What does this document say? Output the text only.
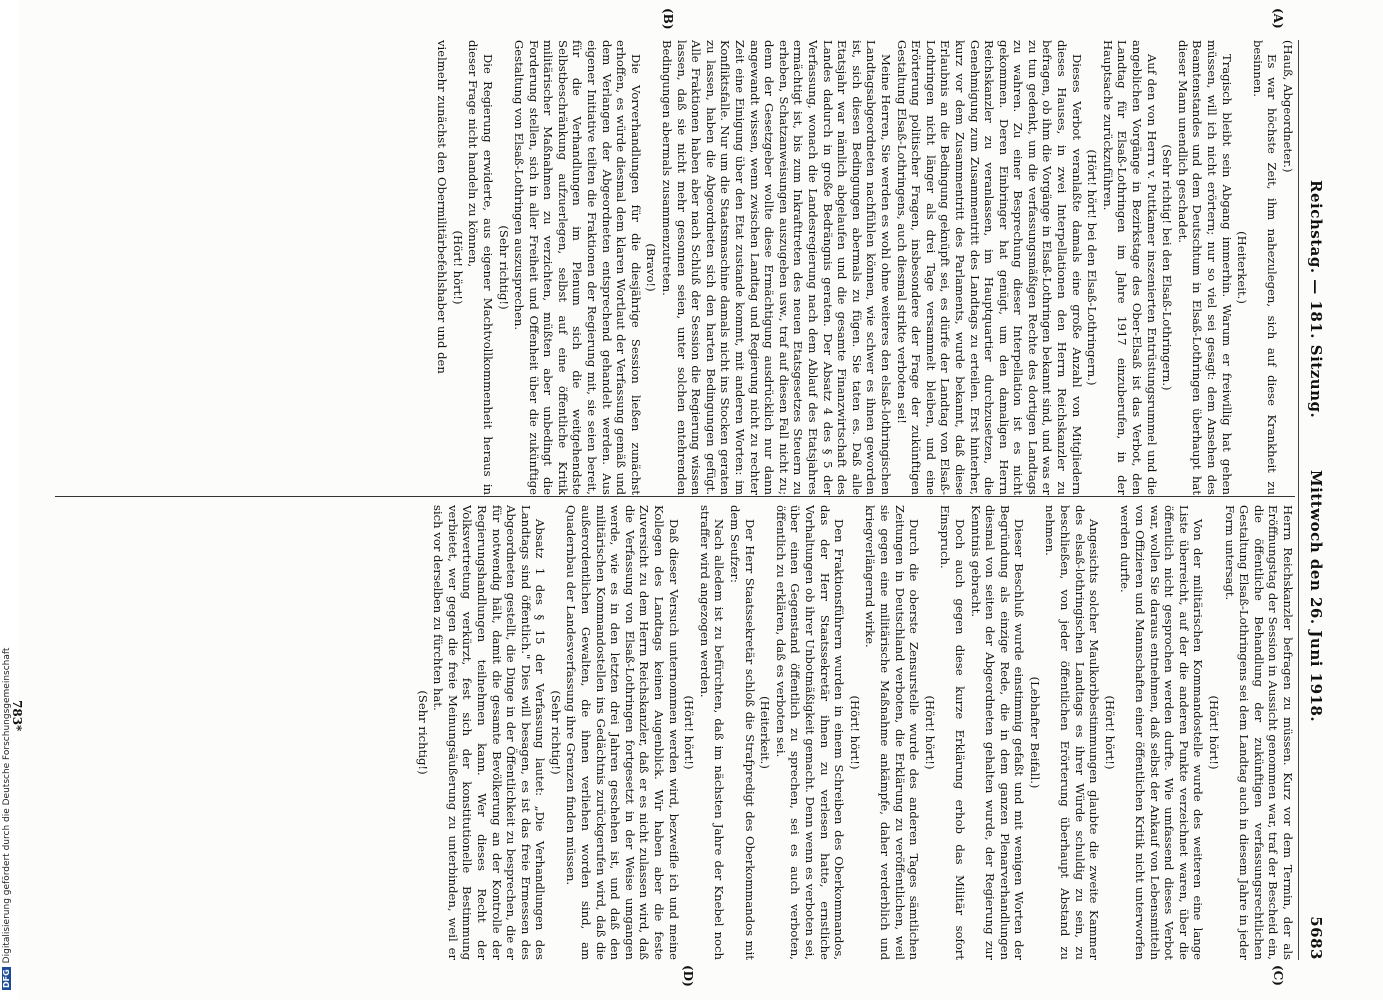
DFGDigitalisierung gefördert durch die Deutsche Forschungsgemeinschaft
Reichstag. — 181. Sitzung.
Mittwoch den 26. Juni 1918.
5683
(A)
(B)
(C)
(D)

(Hauß, Abgeordneter.)

Es war höchste Zeit, ihm nahezulegen, sich auf diese Krankheit zu besinnen.

(Heiterkeit.)

Tragisch bleibt sein Abgang immerhin. Warum er freiwillig hat gehen müssen, will ich nicht erörtern; nur so viel sei gesagt: dem Ansehen des Beamtenstandes und dem Deutschtum in Elsaß-Lothringen überhaupt hat dieser Mann unendlich geschadet.

(Sehr richtig! bei den Elsaß-Lothringern.)

Auf den von Herrn v. Puttkamer inszenierten Entrüstungsrummel und die angeblichen Vorgänge in Bezirkstage des Ober-Elsaß ist das Verbot, den Landtag für Elsaß-Lothringen im Jahre 1917 einzuberufen, in der Hauptsache zurückzuführen.

(Hört! hört! bei den Elsaß-Lothringern.)

Dieses Verbot veranlaßte damals eine große Anzahl von Mitgliedern dieses Hauses, in zwei Interpellationen den Herrn Reichskanzler zu befragen, ob ihm die Vorgänge in Elsaß-Lothringen bekannt sind, und was er zu tun gedenkt, um die verfassungsmäßigen Rechte des dortigen Landtags zu wahren. Zu einer Besprechung dieser Interpellation ist es nicht gekommen. Deren Einbringer hat genügt, um den damaligen Herrn Reichskanzler zu veranlassen, im Hauptquartier durchzusetzen, die Genehmigung zum Zusammentritt des Landtags zu erteilen. Erst hinterher, kurz vor dem Zusammentritt des Parlaments, wurde bekannt, daß diese Erlaubnis an die Bedingung geknüpft sei, es dürfe der Landtag von Elsaß-Lothringen nicht länger als drei Tage versammelt bleiben, und eine Erörterung politischer Fragen, insbesondere der Frage der zukünftigen Gestaltung Elsaß-Lothringens, auch diesmal strikte verboten sei!

Meine Herren, Sie werden es wohl ohne weiteres den elsaß-lothringischen Landtagsabgeordneten nachfühlen können, wie schwer es ihnen geworden ist, sich diesen Bedingungen abermals zu fügen. Sie taten es. Daß alle Etatsjahr war nämlich abgelaufen und die gesamte Finanzwirtschaft des Landes dadurch in große Bedrängnis geraten. Der Absatz 4 des § 5 der Verfassung, wonach die Landesregierung nach dem Ablauf des Etatsjahres ermächtigt ist, bis zum Inkrafttreten des neuen Etatsgesetzes Steuern zu erheben, Schatzanweisungen auszugeben usw., traf auf diesen Fall nicht zu; denn der Gesetzgeber wollte diese Ermächtigung ausdrücklich nur dann angewandt wissen, wenn zwischen Landtag und Regierung nicht zu rechter Zeit eine Einigung über den Etat zustande kommt, mit anderen Worten: im Konfliktsfalle. Nur um die Staatsmaschine damals nicht ins Stocken geraten zu lassen, haben die Abgeordneten sich den harten Bedingungen gefügt. Alle Fraktionen haben aber nach Schluß der Session die Regierung wissen lassen, daß sie nicht mehr gesonnen seien, unter solchen entehrenden Bedingungen abermals zusammenzutreten.

(Bravo!)

Die Vorverhandlungen für die diesjährige Session ließen zunächst erhoffen, es würde diesmal dem klaren Wortlaut der Verfassung gemäß und dem Verlangen der Abgeordneten entsprechend gehandelt werden. Aus eigener Initiative teilten die Fraktionen der Regierung mit, sie seien bereit, für die Verhandlungen im Plenum sich die weitgehendste Selbstbeschränkung aufzuerlegen, selbst auf eine öffentliche Kritik militärischer Maßnahmen zu verzichten, müßten aber unbedingt die Forderung stellen, sich in aller Freiheit und Offenheit über die zukünftige Gestaltung von Elsaß-Lothringen auszusprechen.

(Sehr richtig!)

Die Regierung erwiderte, aus eigener Machtvollkommenheit heraus in dieser Frage nicht handeln zu können,

(Hört! hört!)

vielmehr zunächst den Obermilitärbefehlshaber und den

Herrn Reichskanzler befragen zu müssen. Kurz vor dem Termin, der als Eröffnungstag der Session in Aussicht genommen war, traf der Bescheid ein, die öffentliche Behandlung der zukünftigen verfassungsrechtlichen Gestaltung Elsaß-Lothringens sei dem Landtag auch in diesem Jahre in jeder Form untersagt.

(Hört! hört!)

Von der militärischen Kommandostelle wurde des weiteren eine lange Liste überreicht, auf der die anderen Punkte verzeichnet waren, über die öffentlich nicht gesprochen werden durfte. Wie umfassend dieses Verbot war, wollen Sie daraus entnehmen, daß selbst der Ankauf von Lebensmitteln von Offizieren und Mannschaften einer öffentlichen Kritik nicht unterworfen werden durfte.

(Hört! hört!)

Angesichts solcher Maulkorbbestimmungen glaubte die zweite Kammer des elsaß-lothringischen Landtags es ihrer Würde schuldig zu sein, zu beschließen, von jeder öffentlichen Erörterung überhaupt Abstand zu nehmen.

(Lebhafter Beifall.)

Dieser Beschluß wurde einstimmig gefaßt und mit wenigen Worten der Begründung als einzige Rede, die in dem ganzen Plenarverhandlungen diesmal von seiten der Abgeordneten gehalten wurde, der Regierung zur Kenntnis gebracht.

Doch auch gegen diese kurze Erklärung erhob das Militär sofort Einspruch.

(Hört! hört!)

Durch die oberste Zensurstelle wurde des anderen Tages sämtlichen Zeitungen in Deutschland verboten, die Erklärung zu veröffentlichen, weil sie gegen eine militärische Maßnahme ankämpfe, daher verderblich und kriegverlängernd wirke.

(Hört! hört!)

Den Fraktionsführern wurden in einem Schreiben des Oberkommandos, das der Herr Staatssekretär ihnen zu verlesen hatte, ernstliche Vorhaltungen ob ihrer Unbotmäßigkeit gemacht. Denn wenn es verboten sei, über einen Gegenstand öffentlich zu sprechen, sei es auch verboten, öffentlich zu erklären, daß es verboten sei.

(Heiterkeit.)

Der Herr Staatssekretär schloß die Strafpredigt des Oberkommandos mit dem Seufzer:

Nach alledem ist zu befürchten, daß im nächsten Jahre der Knebel noch straffer wird angezogen werden.

(Hört! hört!)

Daß dieser Versuch unternommen werden wird, bezweifle ich und meine Kollegen des Landtags keinen Augenblick. Wir haben aber die feste Zuversicht zu dem Herrn Reichskanzler, daß er es nicht zulassen wird, daß die Verfassung von Elsaß-Lothringen fortgesetzt in der Weise umgangen werde, wie es in den letzten drei Jahren geschehen ist, und daß den militärischen Kommandostellen ins Gedächtnis zurückgerufen wird, daß die außerordentlichen Gewalten, die ihnen verliehen worden sind, am Quadernbau der Landesverfassung ihre Grenzen finden müssen.

(Sehr richtig!)

Absatz 1 des § 15 der Verfassung lautet: „Die Verhandlungen des Landtags sind öffentlich." Dies will besagen, es ist das freie Ermessen des Abgeordneten gestellt, die Dinge in der Öffentlichkeit zu besprechen, die er für notwendig hält, damit die gesamte Bevölkerung an der Kontrolle der Regierungshandlungen teilnehmen kann. Wer dieses Recht der Volksvertretung verkürzt, fest sich der konstitutionelle Bestimmung verbietet, wer gegen die freie Meinungsäußerung zu unterbinden, weil er sich vor derselben zu fürchten hat.

(Sehr richtig!)

783*
